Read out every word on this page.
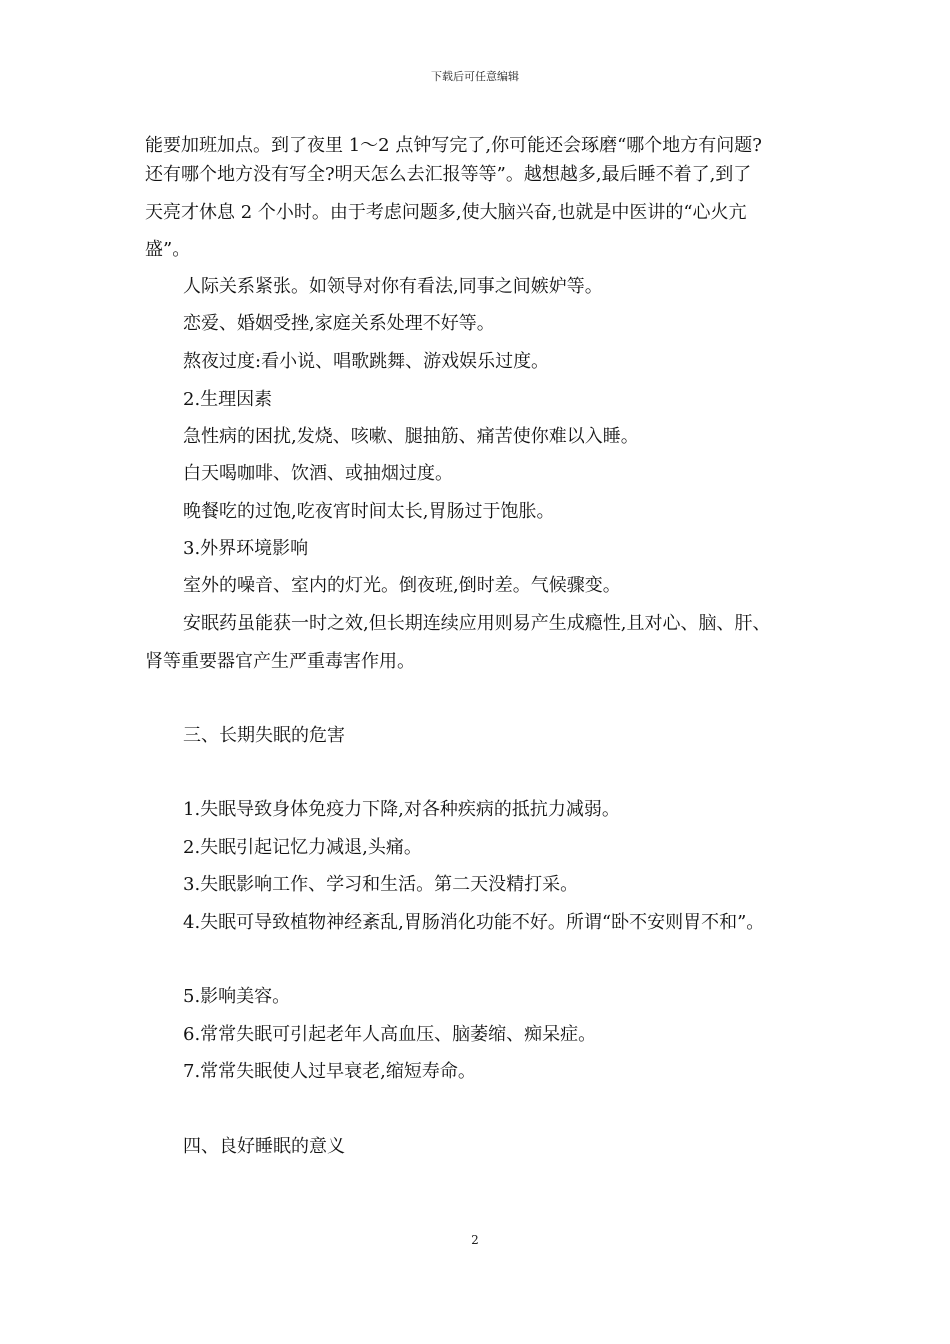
下载后可任意编辑
能要加班加点。到了夜里 1～2 点钟写完了,你可能还会琢磨“哪个地方有问题?
还有哪个地方没有写全?明天怎么去汇报等等”。越想越多,最后睡不着了,到了
天亮才休息 2 个小时。由于考虑问题多,使大脑兴奋,也就是中医讲的“心火亢
盛”。
人际关系紧张。如领导对你有看法,同事之间嫉妒等。
恋爱、婚姻受挫,家庭关系处理不好等。
熬夜过度:看小说、唱歌跳舞、游戏娱乐过度。
2.生理因素
急性病的困扰,发烧、咳嗽、腿抽筋、痛苦使你难以入睡。
白天喝咖啡、饮酒、或抽烟过度。
晚餐吃的过饱,吃夜宵时间太长,胃肠过于饱胀。
3.外界环境影响
室外的噪音、室内的灯光。倒夜班,倒时差。气候骤变。
安眠药虽能获一时之效,但长期连续应用则易产生成瘾性,且对心、脑、肝、
肾等重要器官产生严重毒害作用。
三、长期失眠的危害
1.失眠导致身体免疫力下降,对各种疾病的抵抗力减弱。
2.失眠引起记忆力减退,头痛。
3.失眠影响工作、学习和生活。第二天没精打采。
4.失眠可导致植物神经紊乱,胃肠消化功能不好。所谓“卧不安则胃不和”。
5.影响美容。
6.常常失眠可引起老年人高血压、脑萎缩、痴呆症。
7.常常失眠使人过早衰老,缩短寿命。
四、良好睡眠的意义
2
